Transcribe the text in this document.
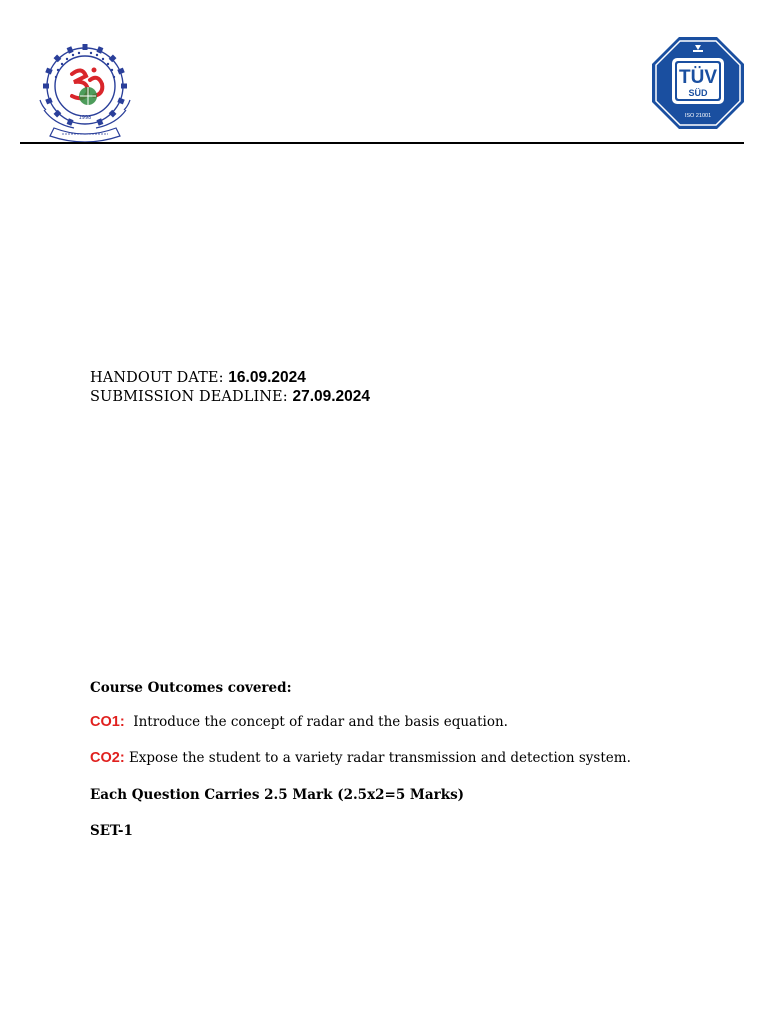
1998
TÜV
SÜD
ISO 21001
HANDOUT DATE: 16.09.2024
SUBMISSION DEADLINE: 27.09.2024

Course Outcomes covered:

CO1:  Introduce the concept of radar and the basis equation.

CO2: Expose the student to a variety radar transmission and detection system.

Each Question Carries 2.5 Mark (2.5x2=5 Marks)

SET-1
